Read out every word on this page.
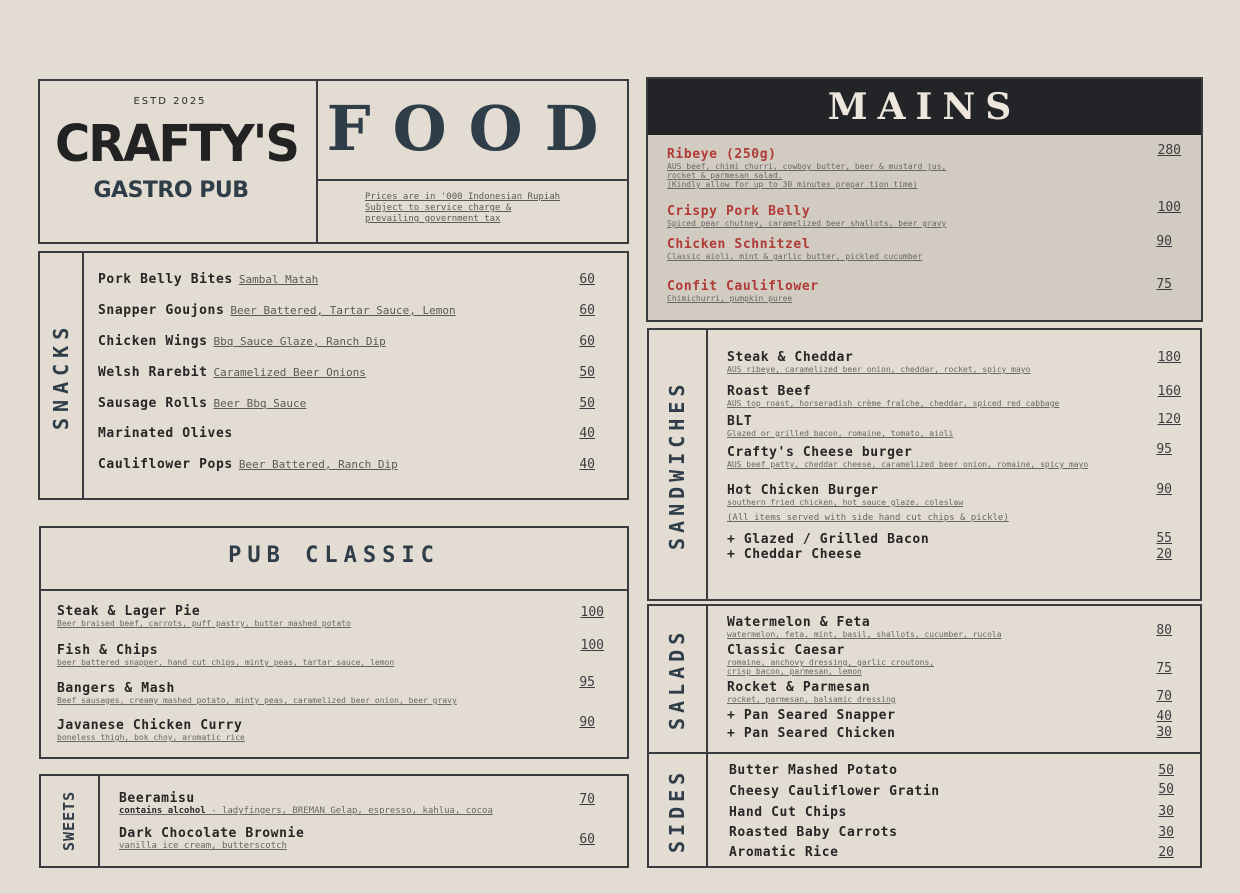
ESTD 2025
CRAFTY'S
GASTRO PUB
FOOD
Prices are in '000 Indonesian Rupiah
Subject to service charge &
prevailing government tax
SNACKS
Pork Belly Bites Sambal Matah	60
Snapper Goujons Beer Battered, Tartar Sauce, Lemon	60
Chicken Wings Bbq Sauce Glaze, Ranch Dip	60
Welsh Rarebit Caramelized Beer Onions	50
Sausage Rolls Beer Bbq Sauce	50
Marinated Olives	40
Cauliflower Pops Beer Battered, Ranch Dip	40
PUB CLASSIC
Steak & Lager Pie
Beer braised beef, carrots, puff pastry, butter mashed potato
100
Fish & Chips
beer battered snapper, hand cut chips, minty peas, tartar sauce, lemon
100
Bangers & Mash
Beef sausages, creamy mashed potato, minty peas, caramelized beer onion, beer gravy
95
Javanese Chicken Curry
boneless thigh, bok choy, aromatic rice
90
SWEETS	Beeramisu
contains alcohol - ladyfingers, BREMAN Gelap, espresso, kahlua, cocoa
70
Dark Chocolate Brownie
vanilla ice cream, butterscotch	60
MAINS
Ribeye (250g)
AUS beef, chimi churri, cowboy butter, beer & mustard jus,
rocket & parmesan salad.
(Kindly allow for up to 30 minutes prepar tion time)
280
Crispy Pork Belly
Spiced pear chutney, caramelized beer shallots, beer gravy
100
Chicken Schnitzel
Classic aioli, mint & garlic butter, pickled cucumber
90
Confit Cauliflower
Chimichurri, pumpkin puree
75
SANDWICHES
Steak & Cheddar
AUS ribeye, caramelized beer onion, cheddar, rocket, spicy mayo
180
Roast Beef
AUS top roast, horseradish crème fraîche, cheddar, spiced red cabbage
160
BLT
Glazed or grilled bacon, romaine, tomato, aioli
120
Crafty's Cheese burger
AUS beef patty, cheddar cheese, caramelized beer onion, romaine, spicy mayo
95
Hot Chicken Burger
southern fried chicken, hot sauce glaze, coleslaw
90
(All items served with side hand cut chips & pickle)
+ Glazed / Grilled Bacon	55
+ Cheddar Cheese	20
SALADS
SIDES
Watermelon & Feta
watermelon, feta, mint, basil, shallots, cucumber, rucola	80
Classic Caesar
romaine, anchovy dressing, garlic croutons,
crisp bacon, parmesan, lemon	75
Rocket & Parmesan
rocket, parmesan, balsamic dressing	70
+ Pan Seared Snapper	40
+ Pan Seared Chicken	30
Butter Mashed Potato	50
Cheesy Cauliflower Gratin	50
Hand Cut Chips	30
Roasted Baby Carrots	30
Aromatic Rice	20
